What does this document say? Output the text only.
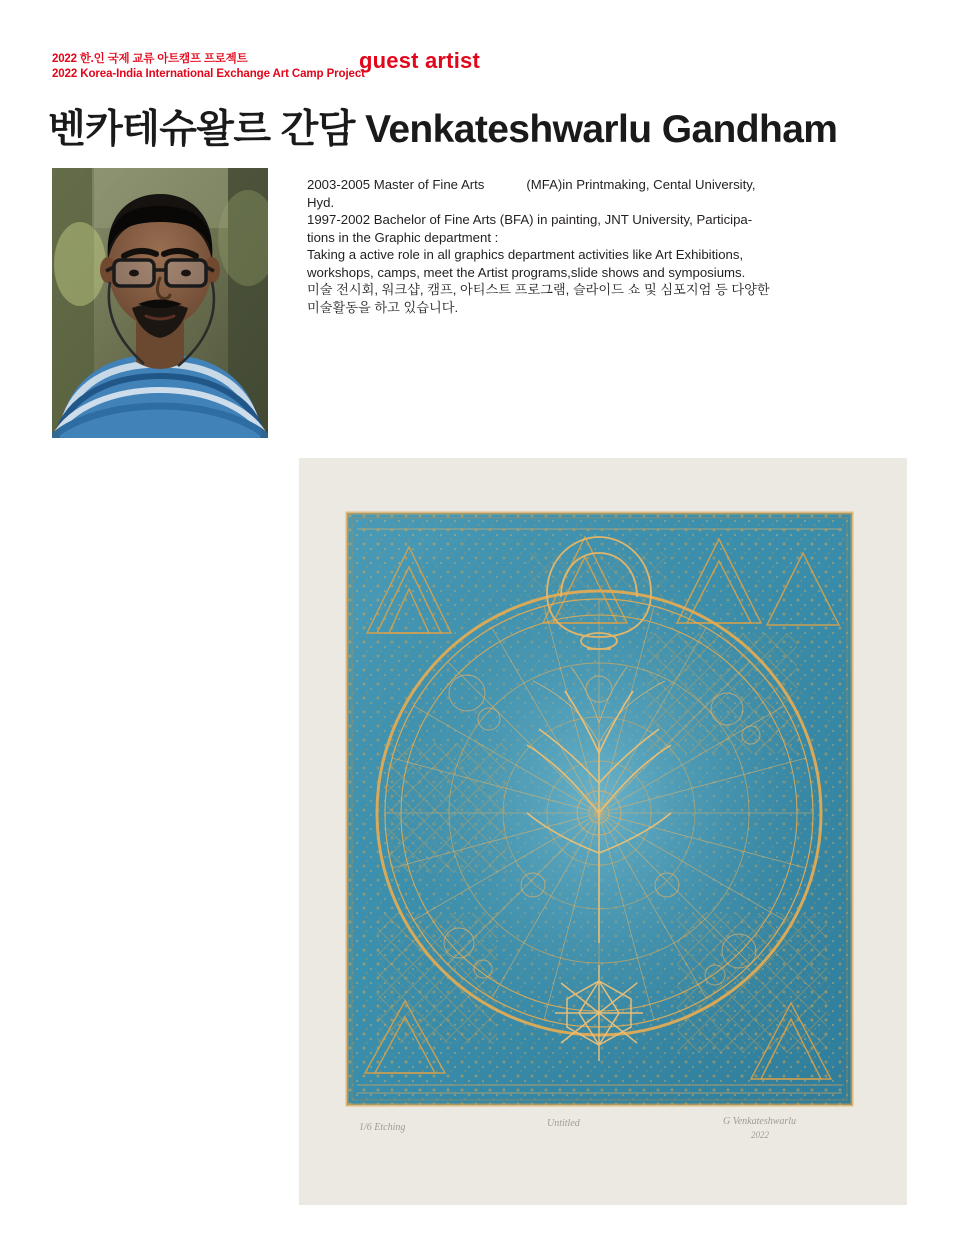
2022 한.인 국제 교류 아트캠프 프로젝트
2022 Korea-India International Exchange Art Camp Project
guest artist
벤카테슈왈르 간담 Venkateshwarlu Gandham

2003-2005 Master of Fine Arts	(MFA)in Printmaking, Cental University,

Hyd.

1997-2002 Bachelor of Fine Arts (BFA) in painting, JNT University, Participa-

tions in the Graphic department :

Taking a active role in all graphics department activities like Art Exhibitions,

workshops, camps, meet the Artist programs,slide shows and symposiums.

미술 전시회, 워크샵, 캠프, 아티스트 프로그램, 슬라이드 쇼 및 심포지엄 등 다양한

미술활동을 하고 있습니다.

1/6 Etching	Untitled	G Venkateshwarlu
2022
